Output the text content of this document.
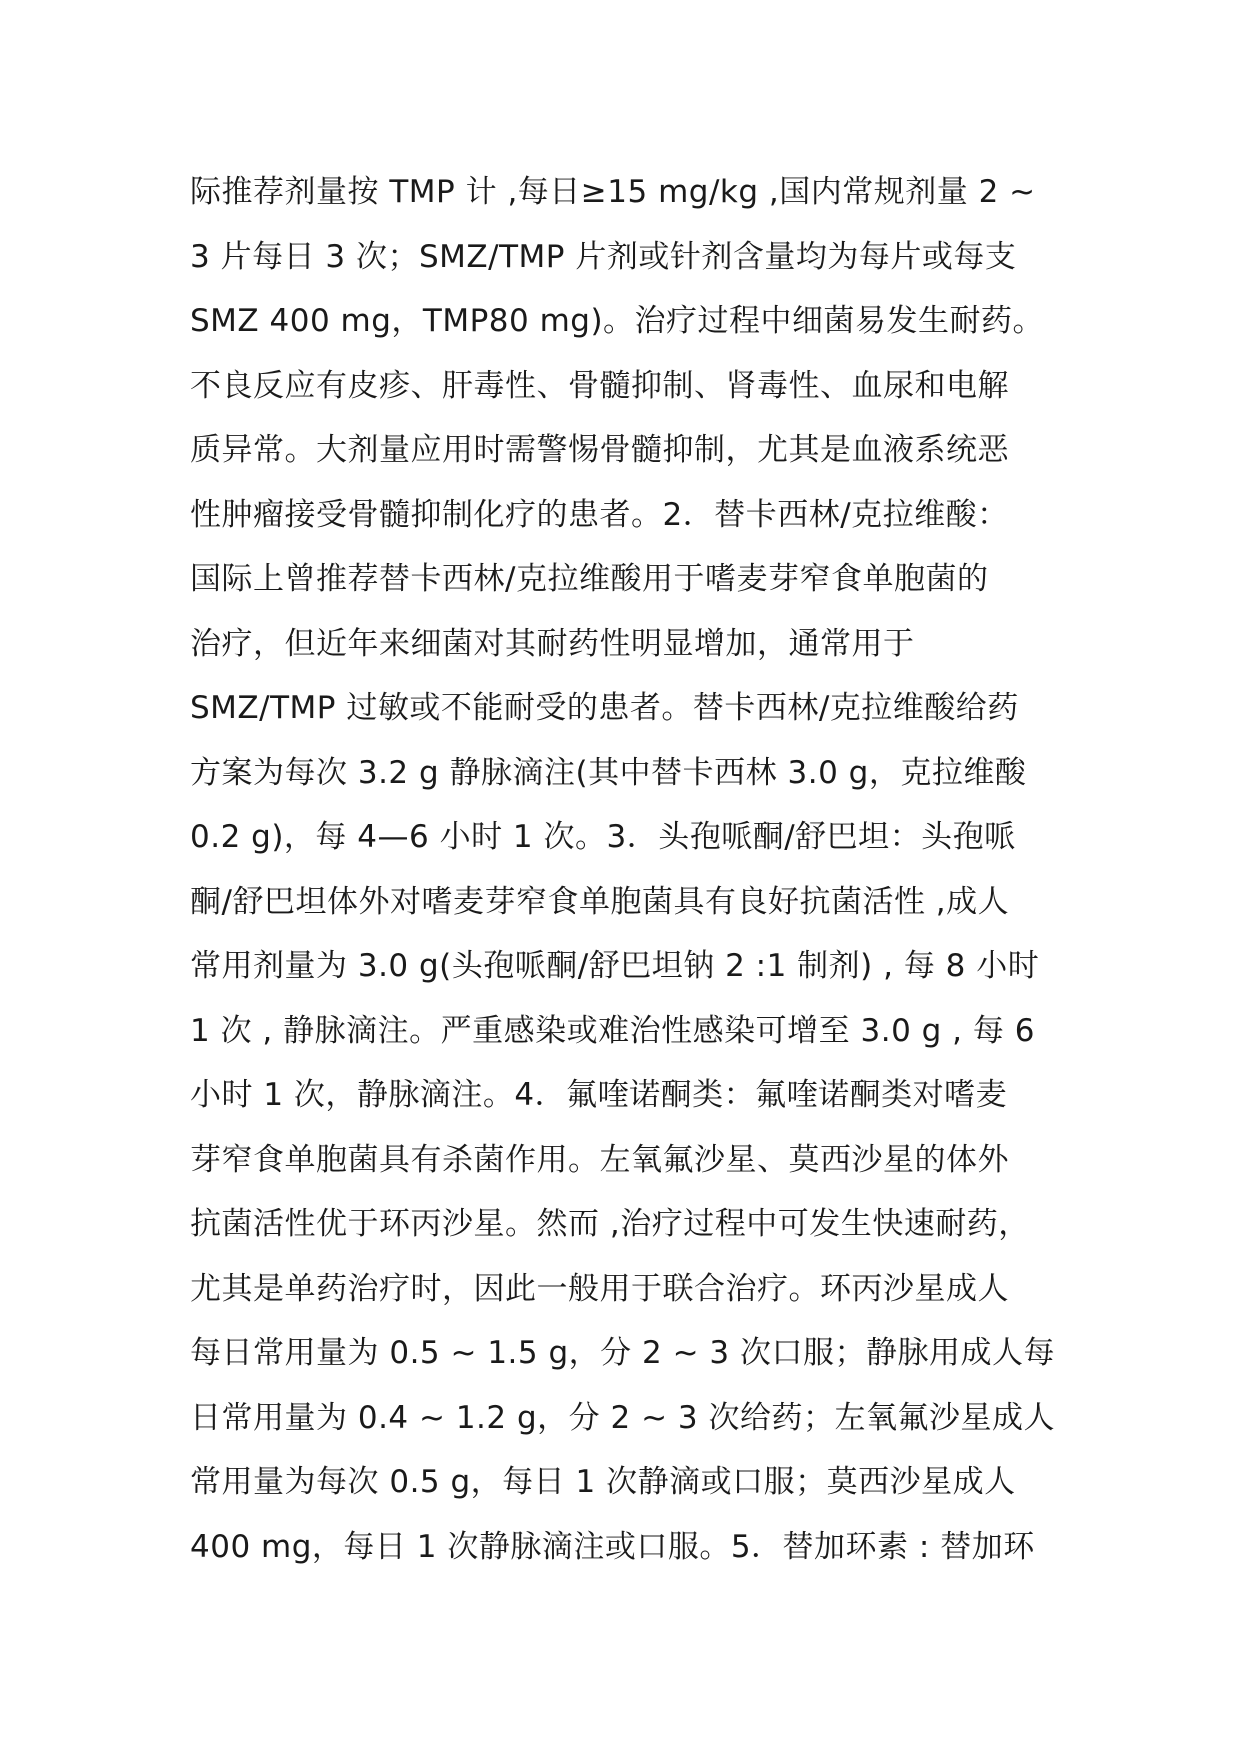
际推荐剂量按 TMP 计 ,每日≥15 mg/kg ,国内常规剂量 2 ~
3 片每日 3 次；SMZ/TMP 片剂或针剂含量均为每片或每支
SMZ 400 mg，TMP80 mg)。治疗过程中细菌易发生耐药。
不良反应有皮疹、肝毒性、骨髓抑制、肾毒性、血尿和电解
质异常。大剂量应用时需警惕骨髓抑制，尤其是血液系统恶
性肿瘤接受骨髓抑制化疗的患者。2．替卡西林/克拉维酸：
国际上曾推荐替卡西林/克拉维酸用于嗜麦芽窄食单胞菌的
治疗，但近年来细菌对其耐药性明显增加，通常用于
SMZ/TMP 过敏或不能耐受的患者。替卡西林/克拉维酸给药
方案为每次 3.2 g 静脉滴注(其中替卡西林 3.0 g，克拉维酸
0.2 g)，每 4—6 小时 1 次。3．头孢哌酮/舒巴坦：头孢哌
酮/舒巴坦体外对嗜麦芽窄食单胞菌具有良好抗菌活性 ,成人
常用剂量为 3.0 g(头孢哌酮/舒巴坦钠 2 :1 制剂) , 每 8 小时
1 次 , 静脉滴注。严重感染或难治性感染可增至 3.0 g , 每 6
小时 1 次，静脉滴注。4．氟喹诺酮类：氟喹诺酮类对嗜麦
芽窄食单胞菌具有杀菌作用。左氧氟沙星、莫西沙星的体外
抗菌活性优于环丙沙星。然而 ,治疗过程中可发生快速耐药，
尤其是单药治疗时，因此一般用于联合治疗。环丙沙星成人
每日常用量为 0.5 ~ 1.5 g，分 2 ~ 3 次口服；静脉用成人每
日常用量为 0.4 ~ 1.2 g，分 2 ~ 3 次给药；左氧氟沙星成人
常用量为每次 0.5 g，每日 1 次静滴或口服；莫西沙星成人
400 mg，每日 1 次静脉滴注或口服。5．替加环素 : 替加环
